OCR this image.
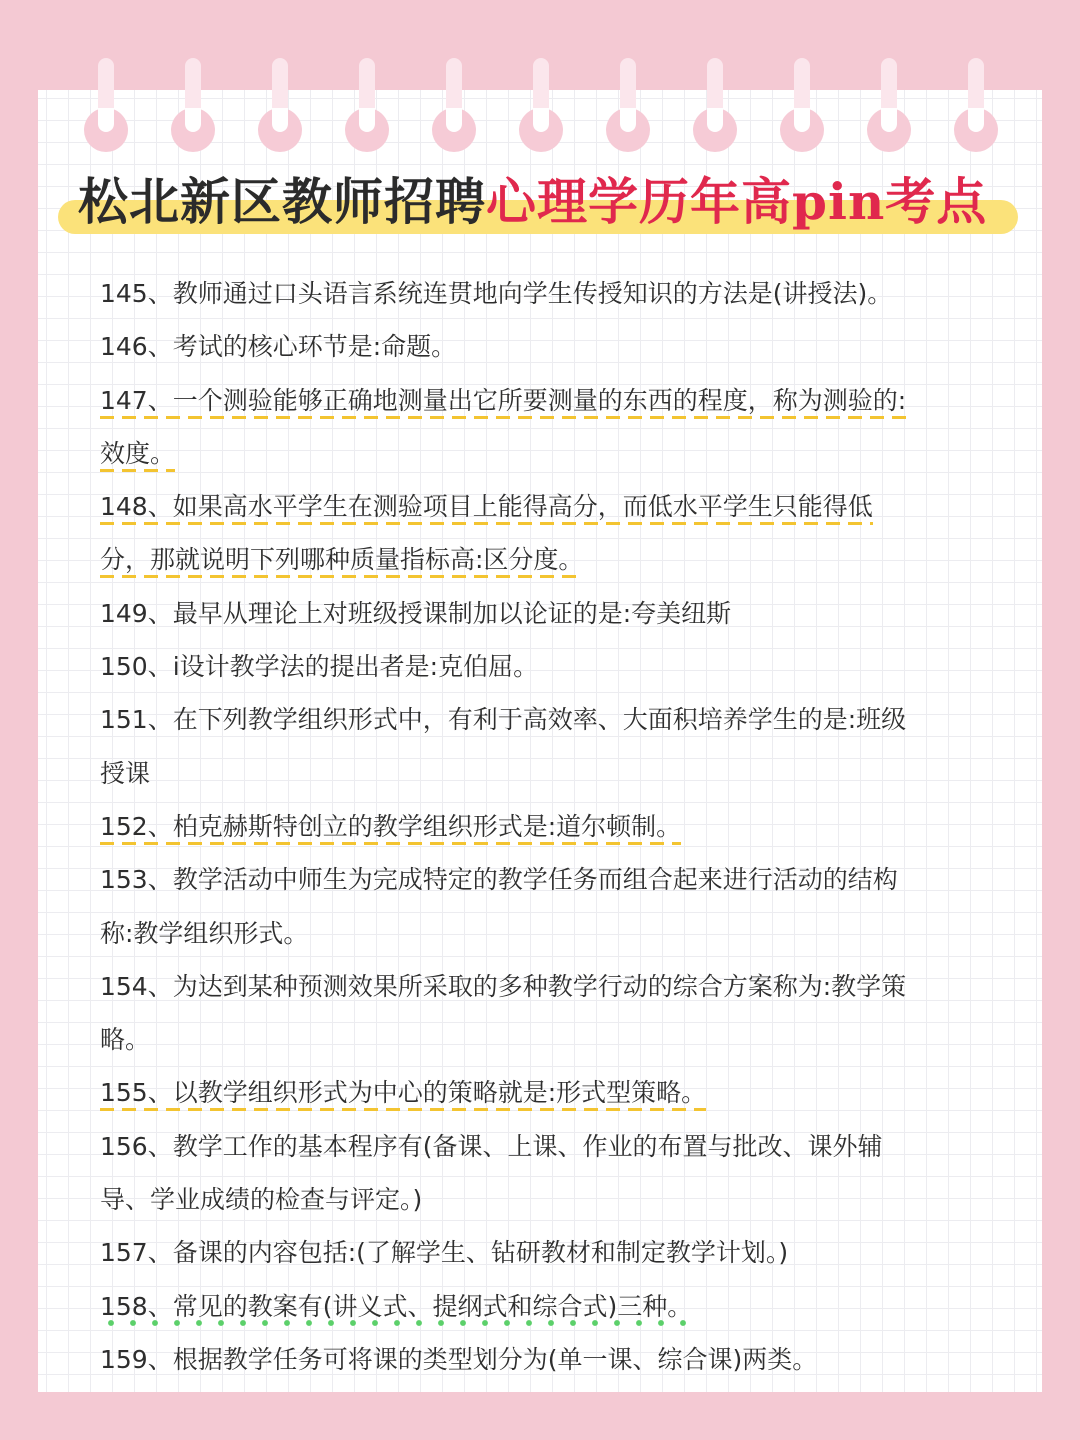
松北新区教师招聘心理学历年高pin考点
145、教师通过口头语言系统连贯地向学生传授知识的方法是(讲授法)。
146、考试的核心环节是:命题。
147、一个测验能够正确地测量出它所要测量的东西的程度，称为测验的:
效度。
148、如果高水平学生在测验项目上能得高分，而低水平学生只能得低
分，那就说明下列哪种质量指标高:区分度。
149、最早从理论上对班级授课制加以论证的是:夸美纽斯
150、i设计教学法的提出者是:克伯屈。
151、在下列教学组织形式中，有利于高效率、大面积培养学生的是:班级
授课
152、柏克赫斯特创立的教学组织形式是:道尔顿制。
153、教学活动中师生为完成特定的教学任务而组合起来进行活动的结构
称:教学组织形式。
154、为达到某种预测效果所采取的多种教学行动的综合方案称为:教学策
略。
155、以教学组织形式为中心的策略就是:形式型策略。
156、教学工作的基本程序有(备课、上课、作业的布置与批改、课外辅
导、学业成绩的检查与评定。)
157、备课的内容包括:(了解学生、钻研教材和制定教学计划。)
158、常见的教案有(讲义式、提纲式和综合式)三种。
159、根据教学任务可将课的类型划分为(单一课、综合课)两类。
